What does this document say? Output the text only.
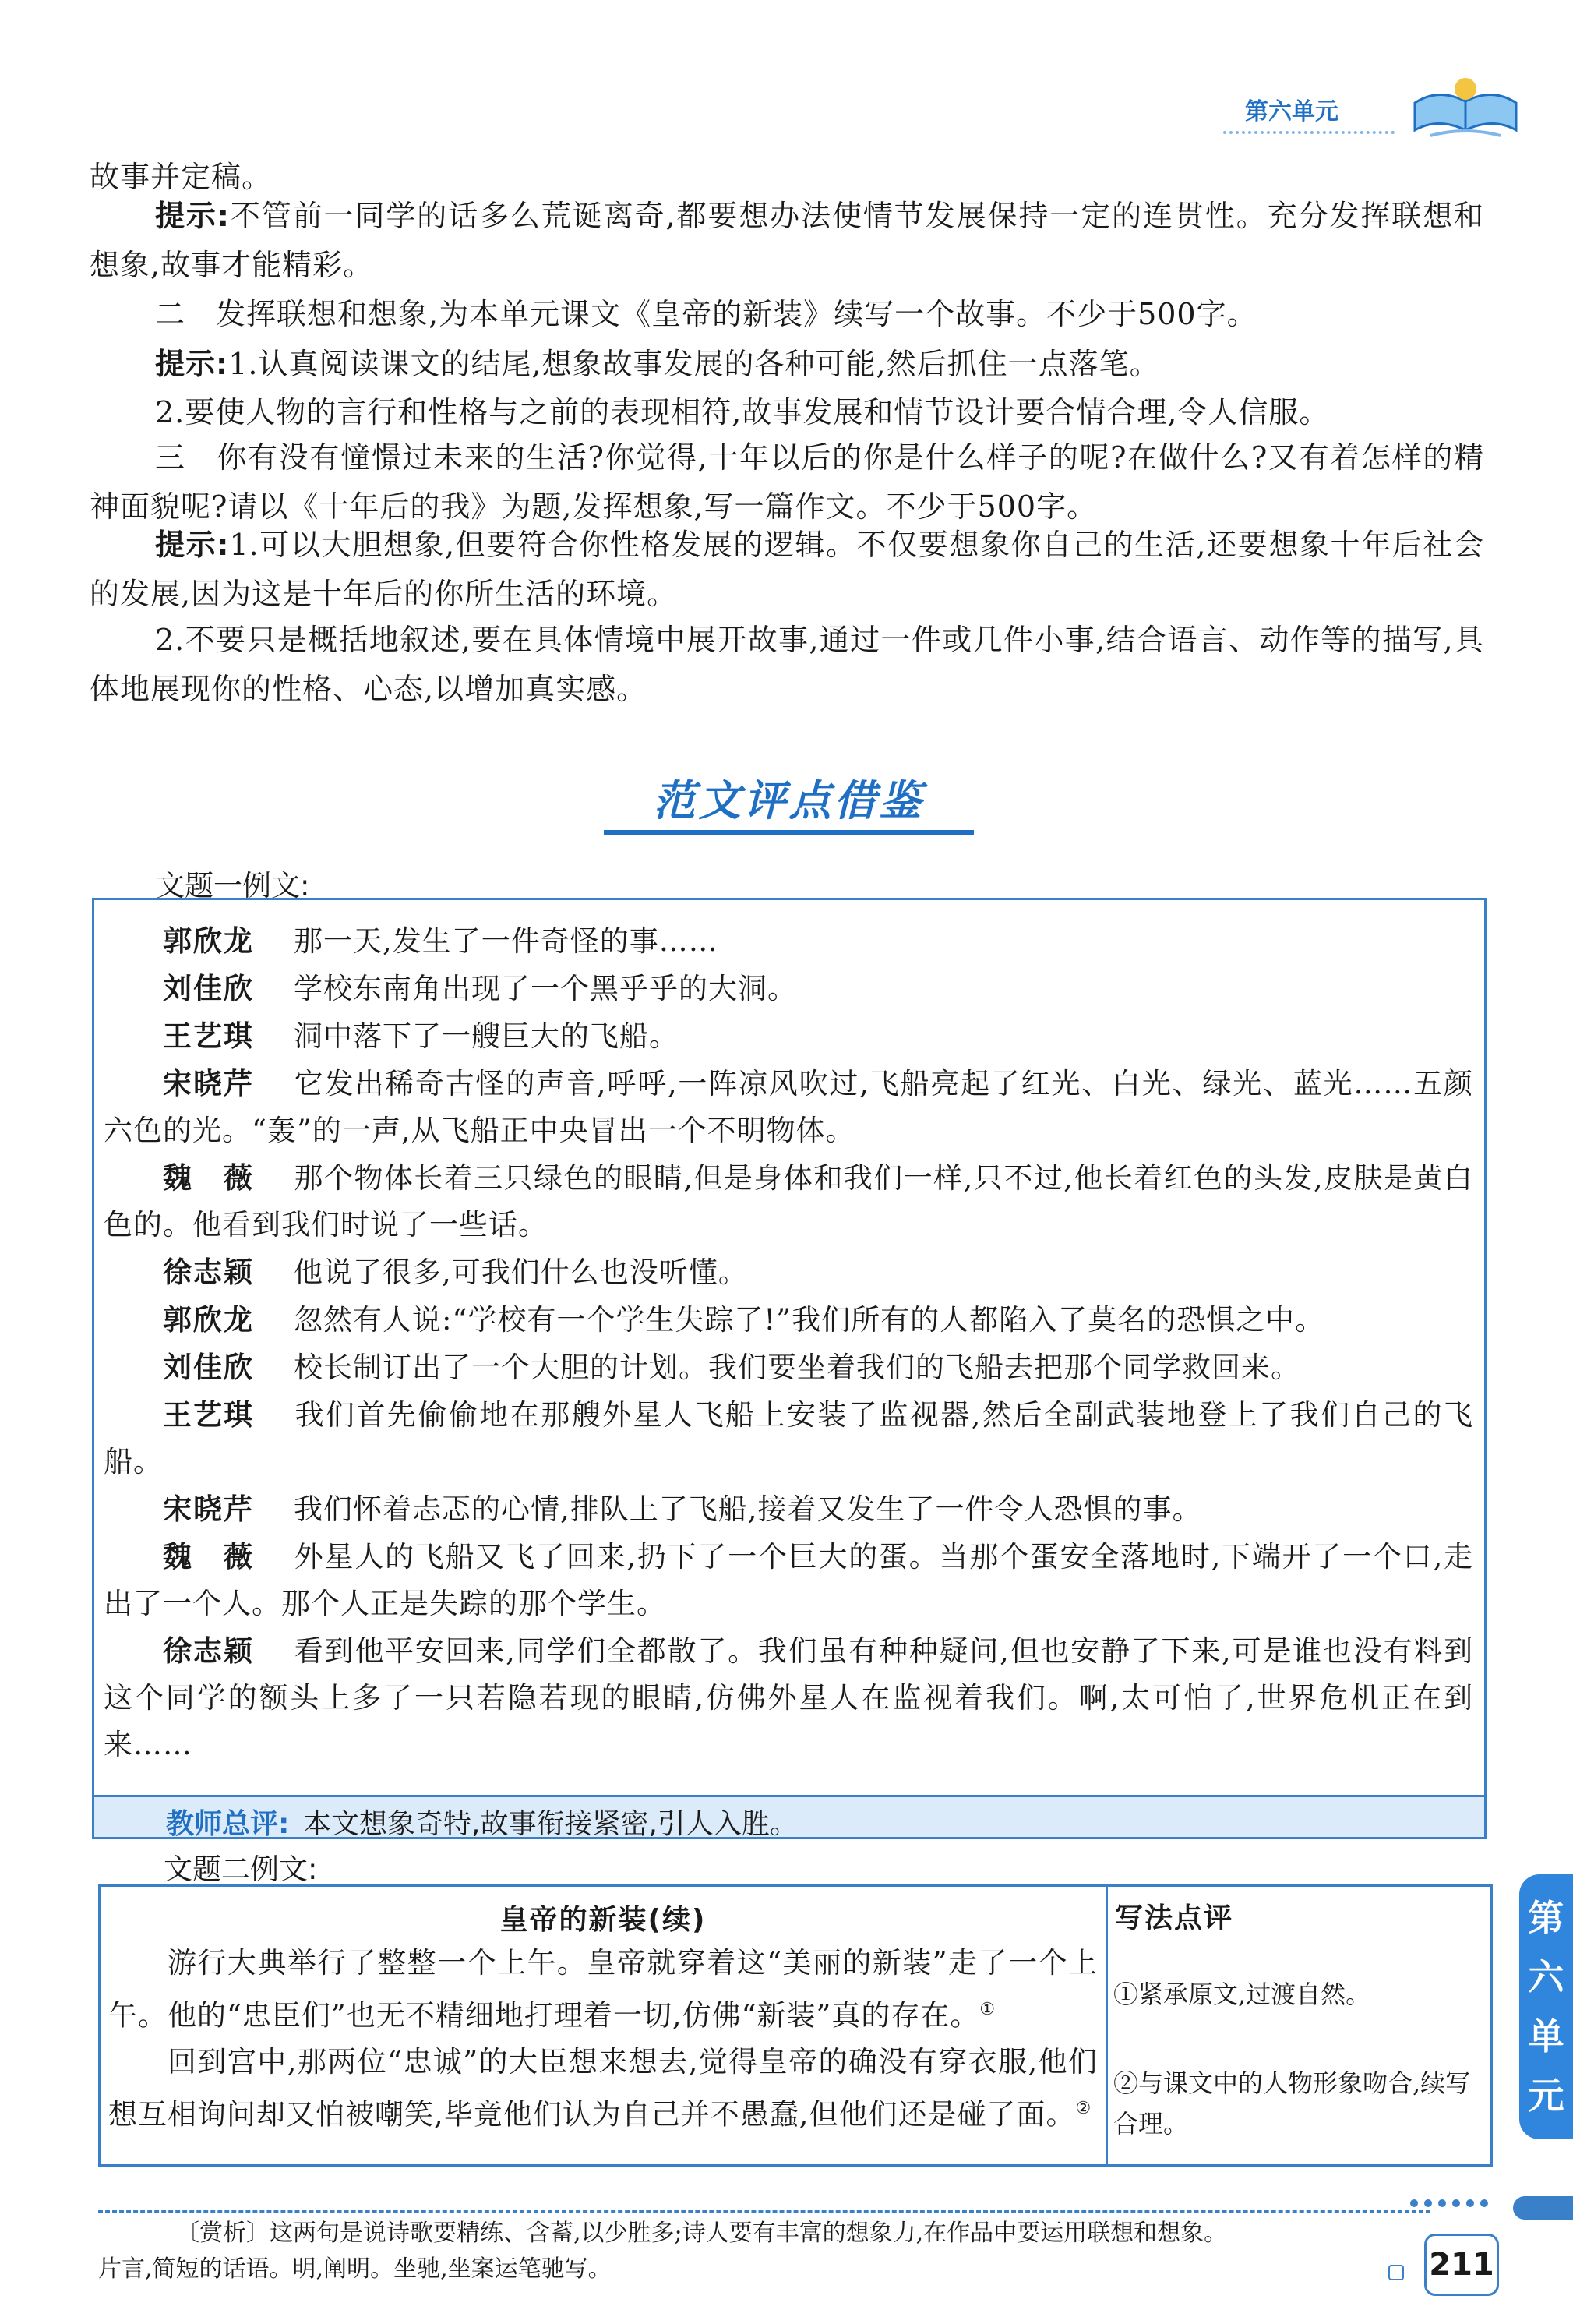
第六单元
故事并定稿。
提示:不管前一同学的话多么荒诞离奇,都要想办法使情节发展保持一定的连贯性。充分发挥联想和想象,故事才能精彩。
二　发挥联想和想象,为本单元课文《皇帝的新装》续写一个故事。不少于500字。
提示:1.认真阅读课文的结尾,想象故事发展的各种可能,然后抓住一点落笔。
2.要使人物的言行和性格与之前的表现相符,故事发展和情节设计要合情合理,令人信服。
三　你有没有憧憬过未来的生活?你觉得,十年以后的你是什么样子的呢?在做什么?又有着怎样的精神面貌呢?请以《十年后的我》为题,发挥想象,写一篇作文。不少于500字。
提示:1.可以大胆想象,但要符合你性格发展的逻辑。不仅要想象你自己的生活,还要想象十年后社会的发展,因为这是十年后的你所生活的环境。
2.不要只是概括地叙述,要在具体情境中展开故事,通过一件或几件小事,结合语言、动作等的描写,具体地展现你的性格、心态,以增加真实感。
范文评点借鉴
文题一例文:
郭欣龙 那一天,发生了一件奇怪的事……
刘佳欣 学校东南角出现了一个黑乎乎的大洞。
王艺琪 洞中落下了一艘巨大的飞船。
宋晓芹 它发出稀奇古怪的声音,呼呼,一阵凉风吹过,飞船亮起了红光、白光、绿光、蓝光……五颜六色的光。“轰”的一声,从飞船正中央冒出一个不明物体。
魏　薇 那个物体长着三只绿色的眼睛,但是身体和我们一样,只不过,他长着红色的头发,皮肤是黄白色的。他看到我们时说了一些话。
徐志颖 他说了很多,可我们什么也没听懂。
郭欣龙 忽然有人说:“学校有一个学生失踪了!”我们所有的人都陷入了莫名的恐惧之中。
刘佳欣 校长制订出了一个大胆的计划。我们要坐着我们的飞船去把那个同学救回来。
王艺琪 我们首先偷偷地在那艘外星人飞船上安装了监视器,然后全副武装地登上了我们自己的飞船。
宋晓芹 我们怀着忐忑的心情,排队上了飞船,接着又发生了一件令人恐惧的事。
魏　薇 外星人的飞船又飞了回来,扔下了一个巨大的蛋。当那个蛋安全落地时,下端开了一个口,走出了一个人。那个人正是失踪的那个学生。
徐志颖 看到他平安回来,同学们全都散了。我们虽有种种疑问,但也安静了下来,可是谁也没有料到这个同学的额头上多了一只若隐若现的眼睛,仿佛外星人在监视着我们。啊,太可怕了,世界危机正在到来……
教师总评: 本文想象奇特,故事衔接紧密,引人入胜。
文题二例文:
皇帝的新装(续)

游行大典举行了整整一个上午。皇帝就穿着这“美丽的新装”走了一个上午。他的“忠臣们”也无不精细地打理着一切,仿佛“新装”真的存在。①

回到宫中,那两位“忠诚”的大臣想来想去,觉得皇帝的确没有穿衣服,他们想互相询问却又怕被嘲笑,毕竟他们认为自己并不愚蠢,但他们还是碰了面。②

写法点评
①紧承原文,过渡自然。
②与课文中的人物形象吻合,续写合理。
第
六
单
元
〔赏析〕这两句是说诗歌要精练、含蓄,以少胜多;诗人要有丰富的想象力,在作品中要运用联想和想象。
片言,简短的话语。明,阐明。坐驰,坐案运笔驰写。	211
